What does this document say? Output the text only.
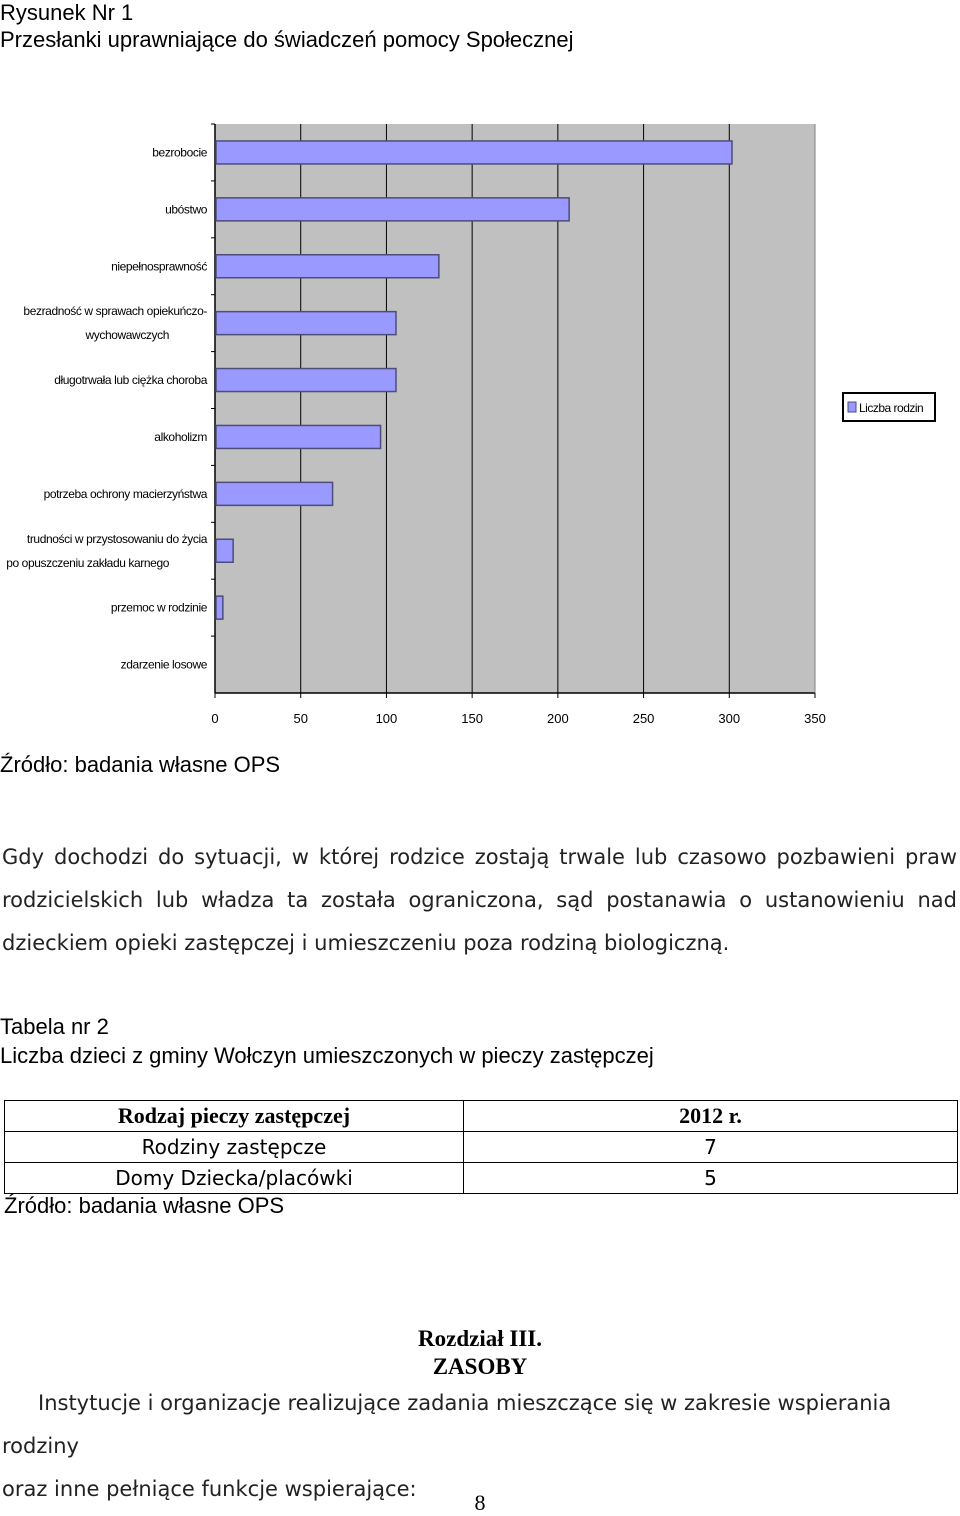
Rysunek Nr 1
Przesłanki uprawniające do świadczeń pomocy Społecznej
0	50	100	150	200	250	300	350
bezrobocie
ubóstwo
niepełnosprawność
bezradność w sprawach opiekuńczo-
wychowawczych
długotrwała lub ciężka choroba
alkoholizm
potrzeba ochrony macierzyństwa
trudności w przystosowaniu do życia
po opuszczeniu zakładu karnego
przemoc w rodzinie
zdarzenie losowe
Liczba rodzin
Źródło: badania własne OPS
Gdy dochodzi do sytuacji, w której rodzice zostają trwale lub czasowo pozbawieni praw rodzicielskich lub władza ta została ograniczona, sąd postanawia o ustanowieniu nad dzieckiem opieki zastępczej i umieszczeniu poza rodziną biologiczną.
Tabela nr 2
Liczba dzieci z gminy Wołczyn umieszczonych w pieczy zastępczej
Rodzaj pieczy zastępczej	2012 r.
Rodziny zastępcze	7
Domy Dziecka/placówki	5
Źródło: badania własne OPS
Rozdział III.
ZASOBY
Instytucje i organizacje realizujące zadania mieszczące się w zakresie wspierania rodziny
oraz inne pełniące funkcje wspierające:
8
